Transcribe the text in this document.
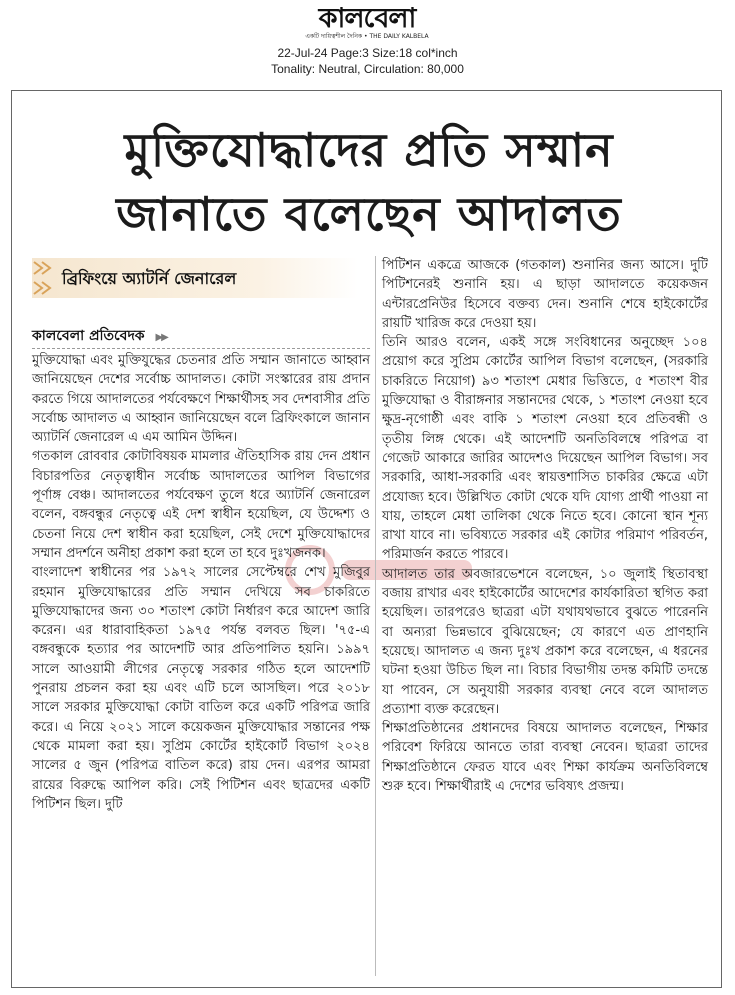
কালবেলা
একটি দায়িত্বশীল দৈনিক • THE DAILY KALBELA
22-Jul-24 Page:3 Size:18 col*inch
Tonality: Neutral, Circulation: 80,000
মুক্তিযোদ্ধাদের প্রতি সম্মান
জানাতে বলেছেন আদালত
ব্রিফিংয়ে অ্যাটর্নি জেনারেল
কালবেলা প্রতিবেদক ▶▶

মুক্তিযোদ্ধা এবং মুক্তিযুদ্ধের চেতনার প্রতি সম্মান জানাতে আহ্বান জানিয়েছেন দেশের সর্বোচ্চ আদালত। কোটা সংস্কারের রায় প্রদান করতে গিয়ে আদালতের পর্যবেক্ষণে শিক্ষার্থীসহ সব দেশবাসীর প্রতি সর্বোচ্চ আদালত এ আহ্বান জানিয়েছেন বলে ব্রিফিংকালে জানান অ্যাটর্নি জেনারেল এ এম আমিন উদ্দিন।

গতকাল রোববার কোটাবিষয়ক মামলার ঐতিহাসিক রায় দেন প্রধান বিচারপতির নেতৃত্বাধীন সর্বোচ্চ আদালতের আপিল বিভাগের পূর্ণাঙ্গ বেঞ্চ। আদালতের পর্যবেক্ষণ তুলে ধরে অ্যাটর্নি জেনারেল বলেন, বঙ্গবন্ধুর নেতৃত্বে এই দেশ স্বাধীন হয়েছিল, যে উদ্দেশ্য ও চেতনা নিয়ে দেশ স্বাধীন করা হয়েছিল, সেই দেশে মুক্তিযোদ্ধাদের সম্মান প্রদর্শনে অনীহা প্রকাশ করা হলে তা হবে দুঃখজনক।

বাংলাদেশ স্বাধীনের পর ১৯৭২ সালের সেপ্টেম্বরে শেখ মুজিবুর রহমান মুক্তিযোদ্ধারের প্রতি সম্মান দেখিয়ে সব চাকরিতে মুক্তিযোদ্ধাদের জন্য ৩০ শতাংশ কোটা নির্ধারণ করে আদেশ জারি করেন। এর ধারাবাহিকতা ১৯৭৫ পর্যন্ত বলবত ছিল। '৭৫-এ বঙ্গবন্ধুকে হত্যার পর আদেশটি আর প্রতিপালিত হয়নি। ১৯৯৭ সালে আওয়ামী লীগের নেতৃত্বে সরকার গঠিত হলে আদেশটি পুনরায় প্রচলন করা হয় এবং এটি চলে আসছিল। পরে ২০১৮ সালে সরকার মুক্তিযোদ্ধা কোটা বাতিল করে একটি পরিপত্র জারি করে। এ নিয়ে ২০২১ সালে কয়েকজন মুক্তিযোদ্ধার সন্তানের পক্ষ থেকে মামলা করা হয়। সুপ্রিম কোর্টের হাইকোর্ট বিভাগ ২০২৪ সালের ৫ জুন (পরিপত্র বাতিল করে) রায় দেন। এরপর আমরা রায়ের বিরুদ্ধে আপিল করি। সেই পিটিশন এবং ছাত্রদের একটি পিটিশন ছিল। দুটি

পিটিশন একত্রে আজকে (গতকাল) শুনানির জন্য আসে। দুটি পিটিশনেরই শুনানি হয়। এ ছাড়া আদালতে কয়েকজন এন্টারপ্রেনিউর হিসেবে বক্তব্য দেন। শুনানি শেষে হাইকোর্টের রায়টি খারিজ করে দেওয়া হয়।

তিনি আরও বলেন, একই সঙ্গে সংবিধানের অনুচ্ছেদ ১০৪ প্রয়োগ করে সুপ্রিম কোর্টের আপিল বিভাগ বলেছেন, (সরকারি চাকরিতে নিয়োগ) ৯৩ শতাংশ মেধার ভিত্তিতে, ৫ শতাংশ বীর মুক্তিযোদ্ধা ও বীরাঙ্গনার সন্তানদের থেকে, ১ শতাংশ নেওয়া হবে ক্ষুদ্র-নৃগোষ্ঠী এবং বাকি ১ শতাংশ নেওয়া হবে প্রতিবন্ধী ও তৃতীয় লিঙ্গ থেকে। এই আদেশটি অনতিবিলম্বে পরিপত্র বা গেজেট আকারে জারির আদেশও দিয়েছেন আপিল বিভাগ। সব সরকারি, আধা-সরকারি এবং স্বায়ত্তশাসিত চাকরির ক্ষেত্রে এটা প্রযোজ্য হবে। উল্লিখিত কোটা থেকে যদি যোগ্য প্রার্থী পাওয়া না যায়, তাহলে মেধা তালিকা থেকে নিতে হবে। কোনো স্থান শূন্য রাখা যাবে না। ভবিষ্যতে সরকার এই কোটার পরিমাণ পরিবর্তন, পরিমার্জন করতে পারবে।

আদালত তার অবজারভেশনে বলেছেন, ১০ জুলাই স্থিতাবস্থা বজায় রাখার এবং হাইকোর্টের আদেশের কার্যকারিতা স্থগিত করা হয়েছিল। তারপরেও ছাত্ররা এটা যথাযথভাবে বুঝতে পারেননি বা অন্যরা ভিন্নভাবে বুঝিয়েছেন; যে কারণে এত প্রাণহানি হয়েছে। আদালত এ জন্য দুঃখ প্রকাশ করে বলেছেন, এ ধরনের ঘটনা হওয়া উচিত ছিল না। বিচার বিভাগীয় তদন্ত কমিটি তদন্তে যা পাবেন, সে অনুযায়ী সরকার ব্যবস্থা নেবে বলে আদালত প্রত্যাশা ব্যক্ত করেছেন।

শিক্ষাপ্রতিষ্ঠানের প্রধানদের বিষয়ে আদালত বলেছেন, শিক্ষার পরিবেশ ফিরিয়ে আনতে তারা ব্যবস্থা নেবেন। ছাত্ররা তাদের শিক্ষাপ্রতিষ্ঠানে ফেরত যাবে এবং শিক্ষা কার্যক্রম অনতিবিলম্বে শুরু হবে। শিক্ষার্থীরাই এ দেশের ভবিষ্যৎ প্রজন্ম।
